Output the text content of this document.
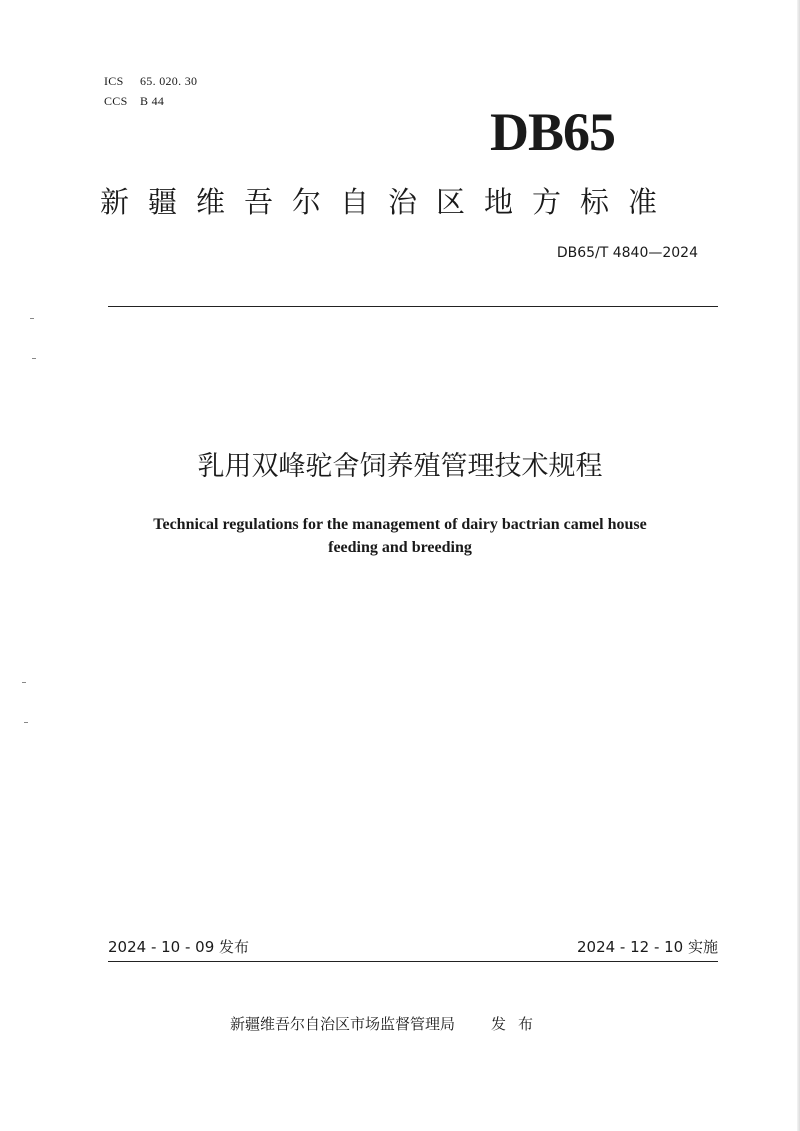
ICS 65. 020. 30
CCS B 44
DB65
新疆维吾尔自治区地方标准
DB65/T 4840—2024
乳用双峰驼舍饲养殖管理技术规程
Technical regulations for the management of dairy bactrian camel house
feeding and breeding
2024 - 10 - 09 发布	2024 - 12 - 10 实施
新疆维吾尔自治区市场监督管理局 发布
